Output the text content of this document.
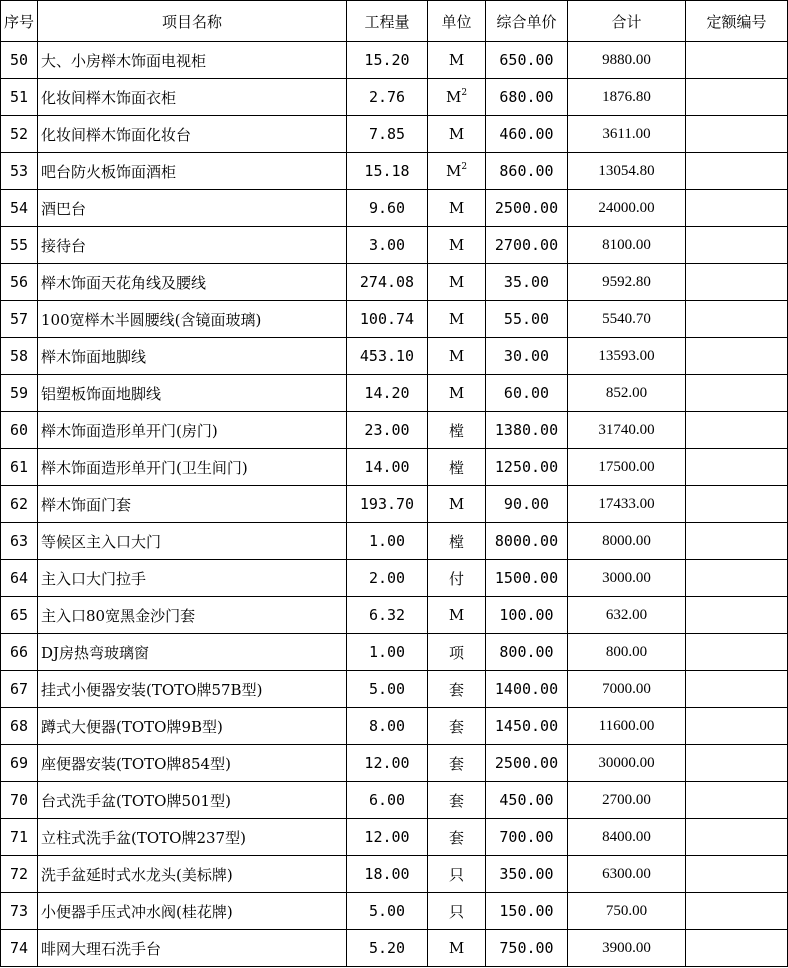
序号	项目名称	工程量	单位	综合单价	合计	定额编号
50	大、小房榉木饰面电视柜	15.20	M	650.00	9880.00	
51	化妆间榉木饰面衣柜	2.76	$M^2$	680.00	1876.80	
52	化妆间榉木饰面化妆台	7.85	M	460.00	3611.00	
53	吧台防火板饰面酒柜	15.18	$M^2$	860.00	13054.80	
54	酒巴台	9.60	M	2500.00	24000.00	
55	接待台	3.00	M	2700.00	8100.00	
56	榉木饰面天花角线及腰线	274.08	M	35.00	9592.80	
57	100宽榉木半圆腰线(含镜面玻璃)	100.74	M	55.00	5540.70	
58	榉木饰面地脚线	453.10	M	30.00	13593.00	
59	铝塑板饰面地脚线	14.20	M	60.00	852.00	
60	榉木饰面造形单开门(房门)	23.00	樘	1380.00	31740.00	
61	榉木饰面造形单开门(卫生间门)	14.00	樘	1250.00	17500.00	
62	榉木饰面门套	193.70	M	90.00	17433.00	
63	等候区主入口大门	1.00	樘	8000.00	8000.00	
64	主入口大门拉手	2.00	付	1500.00	3000.00	
65	主入口80宽黑金沙门套	6.32	M	100.00	632.00	
66	DJ房热弯玻璃窗	1.00	项	800.00	800.00	
67	挂式小便器安装(TOTO牌57B型)	5.00	套	1400.00	7000.00	
68	蹲式大便器(TOTO牌9B型)	8.00	套	1450.00	11600.00	
69	座便器安装(TOTO牌854型)	12.00	套	2500.00	30000.00	
70	台式洗手盆(TOTO牌501型)	6.00	套	450.00	2700.00	
71	立柱式洗手盆(TOTO牌237型)	12.00	套	700.00	8400.00	
72	洗手盆延时式水龙头(美标牌)	18.00	只	350.00	6300.00	
73	小便器手压式冲水阀(桂花牌)	5.00	只	150.00	750.00	
74	啡网大理石洗手台	5.20	M	750.00	3900.00	
